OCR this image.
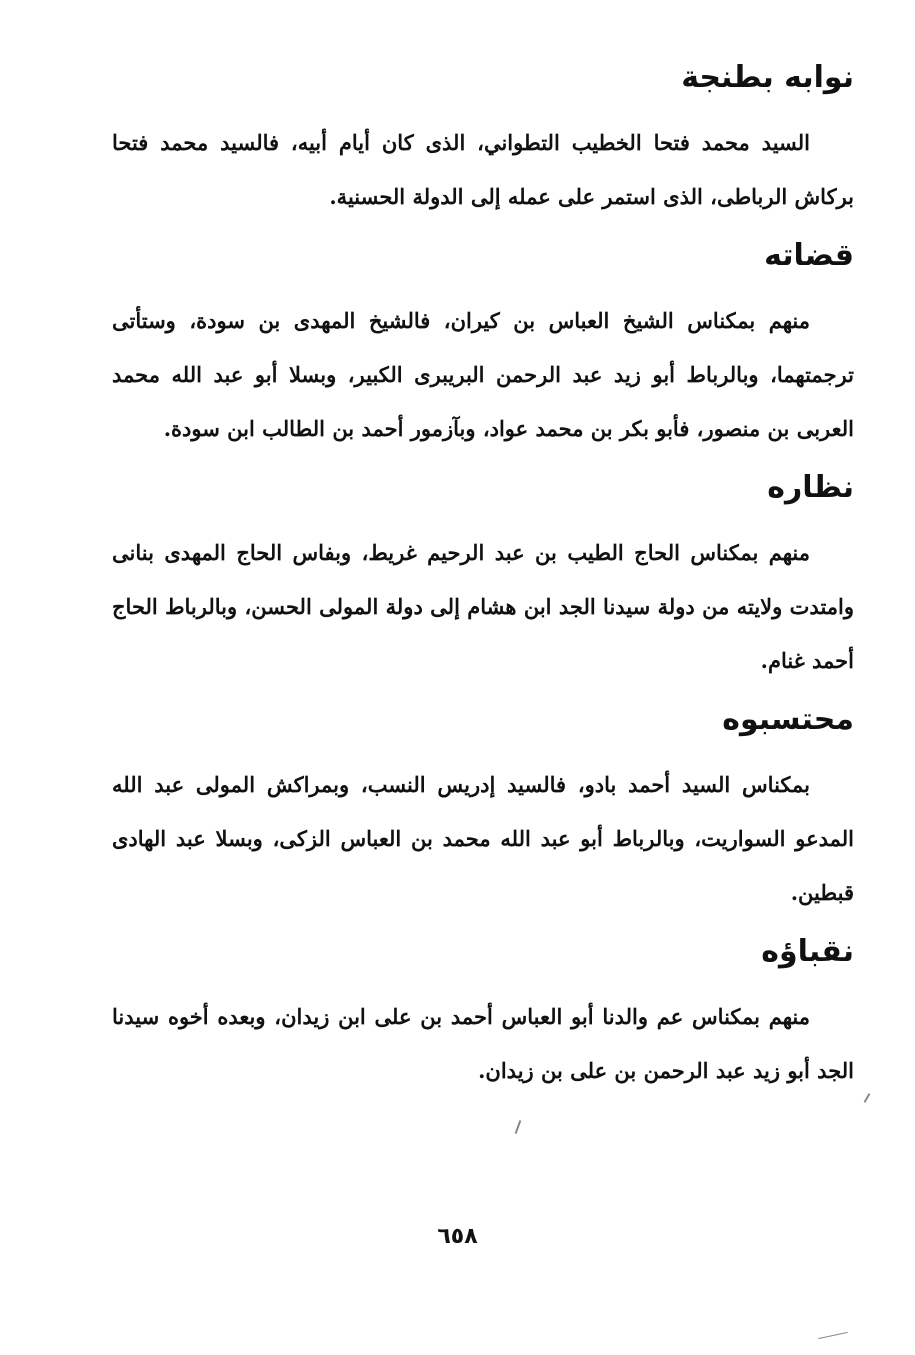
نوابه بطنجة

السيد محمد فتحا الخطيب التطواني، الذى كان أيام أبيه، فالسيد محمد فتحا بركاش الرباطى، الذى استمر على عمله إلى الدولة الحسنية.

قضاته

منهم بمكناس الشيخ العباس بن كيران، فالشيخ المهدى بن سودة، وستأتى ترجمتهما، وبالرباط أبو زيد عبد الرحمن البريبرى الكبير، وبسلا أبو عبد الله محمد العربى بن منصور، فأبو بكر بن محمد عواد، وبآزمور أحمد بن الطالب ابن سودة.

نظاره

منهم بمكناس الحاج الطيب بن عبد الرحيم غريط، وبفاس الحاج المهدى بنانى وامتدت ولايته من دولة سيدنا الجد ابن هشام إلى دولة المولى الحسن، وبالرباط الحاج أحمد غنام.

محتسبوه

بمكناس السيد أحمد بادو، فالسيد إدريس النسب، وبمراكش المولى عبد الله المدعو السواريت، وبالرباط أبو عبد الله محمد بن العباس الزكى، وبسلا عبد الهادى قبطين.

نقباؤه

منهم بمكناس عم والدنا أبو العباس أحمد بن على ابن زيدان، وبعده أخوه سيدنا الجد أبو زيد عبد الرحمن بن على بن زيدان.

٦٥٨
